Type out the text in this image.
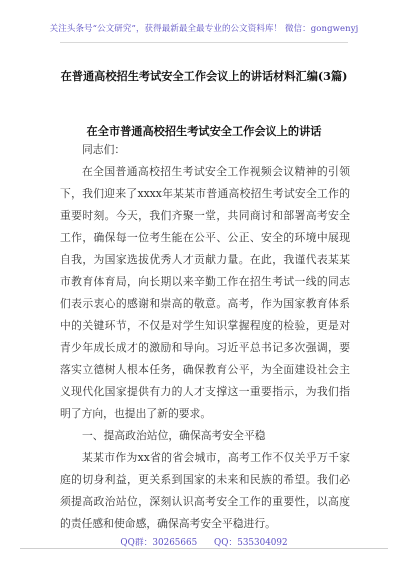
关注头条号“公文研究”，获得最新最全最专业的公文资料库！ 微信：gongwenyj
在普通高校招生考试安全工作会议上的讲话材料汇编(3篇)
在全市普通高校招生考试安全工作会议上的讲话

同志们：

在全国普通高校招生考试安全工作视频会议精神的引领下，我们迎来了xxxx年某某市普通高校招生考试安全工作的重要时刻。今天，我们齐聚一堂，共同商讨和部署高考安全工作，确保每一位考生能在公平、公正、安全的环境中展现自我，为国家选拔优秀人才贡献力量。在此，我谨代表某某市教育体育局，向长期以来辛勤工作在招生考试一线的同志们表示衷心的感谢和崇高的敬意。高考，作为国家教育体系中的关键环节，不仅是对学生知识掌握程度的检验，更是对青少年成长成才的激励和导向。习近平总书记多次强调，要落实立德树人根本任务，确保教育公平，为全面建设社会主义现代化国家提供有力的人才支撑这一重要指示，为我们指明了方向，也提出了新的要求。

一、提高政治站位，确保高考安全平稳

某某市作为xx省的省会城市，高考工作不仅关乎万千家庭的切身利益，更关系到国家的未来和民族的希望。我们必须提高政治站位，深刻认识高考安全工作的重要性，以高度的责任感和使命感，确保高考安全平稳进行。

QQ群：30265665 QQ：535304092
